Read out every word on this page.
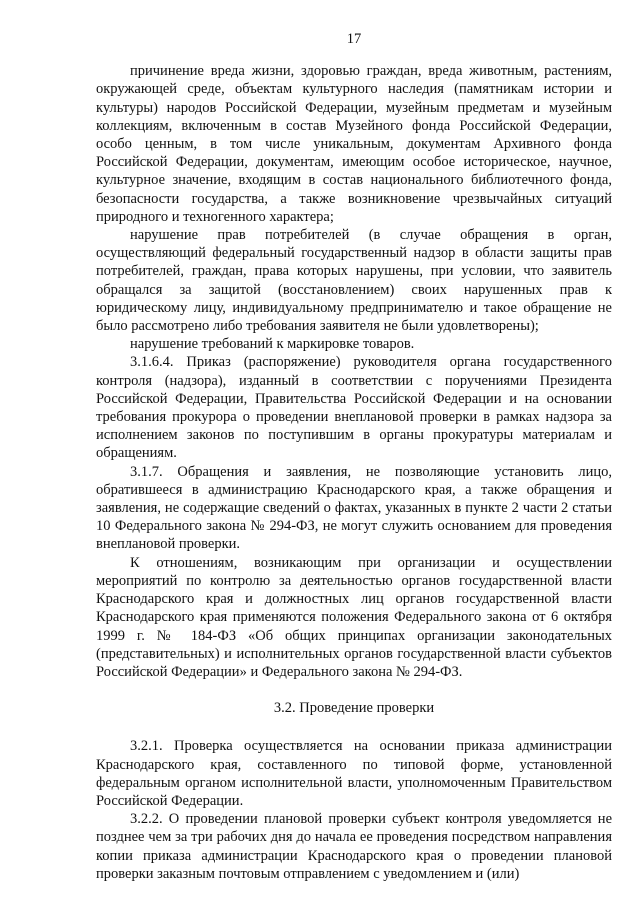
17

причинение вреда жизни, здоровью граждан, вреда животным, растениям, окружающей среде, объектам культурного наследия (памятникам истории и культуры) народов Российской Федерации, музейным предметам и музейным коллекциям, включенным в состав Музейного фонда Российской Федерации, особо ценным, в том числе уникальным, документам Архивного фонда Российской Федерации, документам, имеющим особое историческое, научное, культурное значение, входящим в состав национального библиотечного фонда, безопасности государства, а также возникновение чрезвычайных ситуаций природного и техногенного характера;

нарушение прав потребителей (в случае обращения в орган, осуществляющий федеральный государственный надзор в области защиты прав потребителей, граждан, права которых нарушены, при условии, что заявитель обращался за защитой (восстановлением) своих нарушенных прав к юридическому лицу, индивидуальному предпринимателю и такое обращение не было рассмотрено либо требования заявителя не были удовлетворены);

нарушение требований к маркировке товаров.

3.1.6.4. Приказ (распоряжение) руководителя органа государственного контроля (надзора), изданный в соответствии с поручениями Президента Российской Федерации, Правительства Российской Федерации и на основании требования прокурора о проведении внеплановой проверки в рамках надзора за исполнением законов по поступившим в органы прокуратуры материалам и обращениям.

3.1.7. Обращения и заявления, не позволяющие установить лицо, обратившееся в администрацию Краснодарского края, а также обращения и заявления, не содержащие сведений о фактах, указанных в пункте 2 части 2 статьи 10 Федерального закона № 294-ФЗ, не могут служить основанием для проведения внеплановой проверки.

К отношениям, возникающим при организации и осуществлении мероприятий по контролю за деятельностью органов государственной власти Краснодарского края и должностных лиц органов государственной власти Краснодарского края применяются положения Федерального закона от 6 октября 1999 г. № 184-ФЗ «Об общих принципах организации законодательных (представительных) и исполнительных органов государственной власти субъектов Российской Федерации» и Федерального закона № 294-ФЗ.

3.2. Проведение проверки

3.2.1. Проверка осуществляется на основании приказа администрации Краснодарского края, составленного по типовой форме, установленной федеральным органом исполнительной власти, уполномоченным Правительством Российской Федерации.

3.2.2. О проведении плановой проверки субъект контроля уведомляется не позднее чем за три рабочих дня до начала ее проведения посредством направления копии приказа администрации Краснодарского края о проведении плановой проверки заказным почтовым отправлением с уведомлением и (или)
